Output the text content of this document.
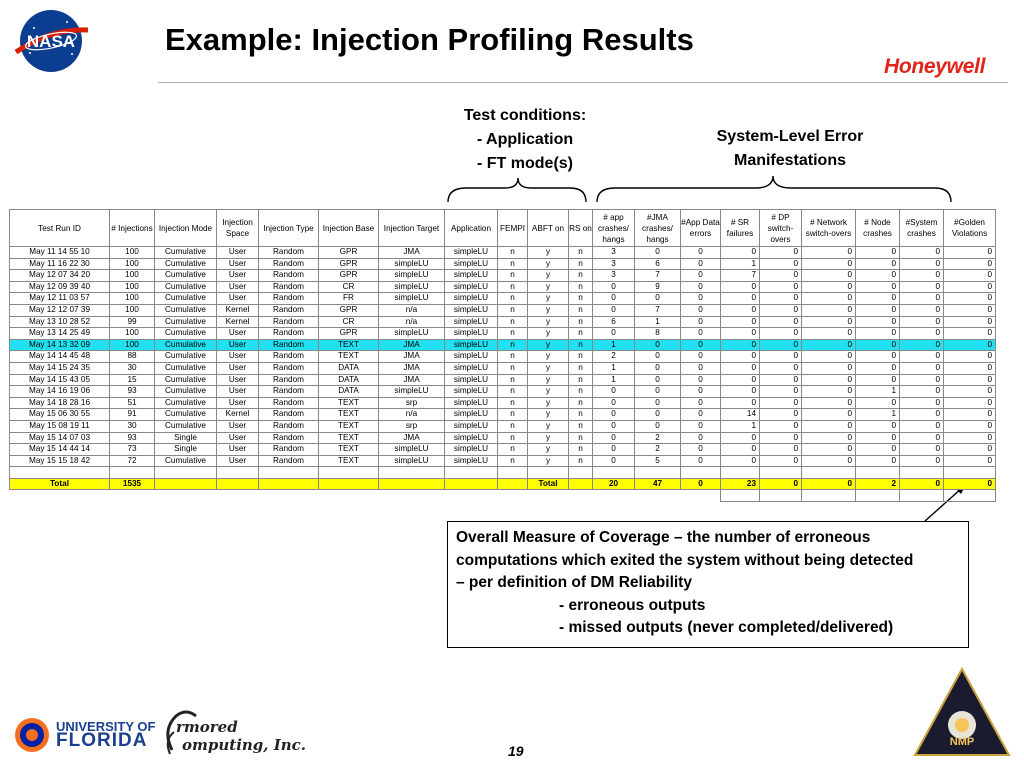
NASA	Example: Injection Profiling Results
Honeywell
Test conditions:
- Application
- FT mode(s)
System-Level Error
Manifestations
Test Run ID	# Injections	Injection Mode	Injection Space	Injection Type	Injection Base	Injection Target	Application	FEMPI	ABFT on	RS on	# app crashes/ hangs	#JMA crashes/ hangs	#App Data errors	# SR failures	# DP switch-overs	# Network switch-overs	# Node crashes	#System crashes	#Golden Violations
May 11 14 55 10	100	Cumulative	User	Random	GPR	JMA	simpleLU	n	y	n	3	0	0	0	0	0	0	0	0
May 11 16 22 30	100	Cumulative	User	Random	GPR	simpleLU	simpleLU	n	y	n	3	6	0	1	0	0	0	0	0
May 12 07 34 20	100	Cumulative	User	Random	GPR	simpleLU	simpleLU	n	y	n	3	7	0	7	0	0	0	0	0
May 12 09 39 40	100	Cumulative	User	Random	CR	simpleLU	simpleLU	n	y	n	0	9	0	0	0	0	0	0	0
May 12 11 03 57	100	Cumulative	User	Random	FR	simpleLU	simpleLU	n	y	n	0	0	0	0	0	0	0	0	0
May 12 12 07 39	100	Cumulative	Kernel	Random	GPR	n/a	simpleLU	n	y	n	0	7	0	0	0	0	0	0	0
May 13 10 28 52	99	Cumulative	Kernel	Random	CR	n/a	simpleLU	n	y	n	6	1	0	0	0	0	0	0	0
May 13 14 25 49	100	Cumulative	User	Random	GPR	simpleLU	simpleLU	n	y	n	0	8	0	0	0	0	0	0	0
May 14 13 32 09	100	Cumulative	User	Random	TEXT	JMA	simpleLU	n	y	n	1	0	0	0	0	0	0	0	0
May 14 14 45 48	88	Cumulative	User	Random	TEXT	JMA	simpleLU	n	y	n	2	0	0	0	0	0	0	0	0
May 14 15 24 35	30	Cumulative	User	Random	DATA	JMA	simpleLU	n	y	n	1	0	0	0	0	0	0	0	0
May 14 15 43 05	15	Cumulative	User	Random	DATA	JMA	simpleLU	n	y	n	1	0	0	0	0	0	0	0	0
May 14 16 19 06	93	Cumulative	User	Random	DATA	simpleLU	simpleLU	n	y	n	0	0	0	0	0	0	1	0	0
May 14 18 28 16	51	Cumulative	User	Random	TEXT	srp	simpleLU	n	y	n	0	0	0	0	0	0	0	0	0
May 15 06 30 55	91	Cumulative	Kernel	Random	TEXT	n/a	simpleLU	n	y	n	0	0	0	14	0	0	1	0	0
May 15 08 19 11	30	Cumulative	User	Random	TEXT	srp	simpleLU	n	y	n	0	0	0	1	0	0	0	0	0
May 15 14 07 03	93	Single	User	Random	TEXT	JMA	simpleLU	n	y	n	0	2	0	0	0	0	0	0	0
May 15 14 44 14	73	Single	User	Random	TEXT	simpleLU	simpleLU	n	y	n	0	2	0	0	0	0	0	0	0
May 15 15 18 42	72	Cumulative	User	Random	TEXT	simpleLU	simpleLU	n	y	n	0	5	0	0	0	0	0	0	0

Total	1535								Total		20	47	0	23	0	0	2	0	0

Overall Measure of Coverage – the number of erroneous
computations which exited the system without being detected
– per definition of DM Reliability
- erroneous outputs
- missed outputs (never completed/delivered)
UNIVERSITY OF
FLORIDA
rmored
omputing, Inc.	19
NMP
